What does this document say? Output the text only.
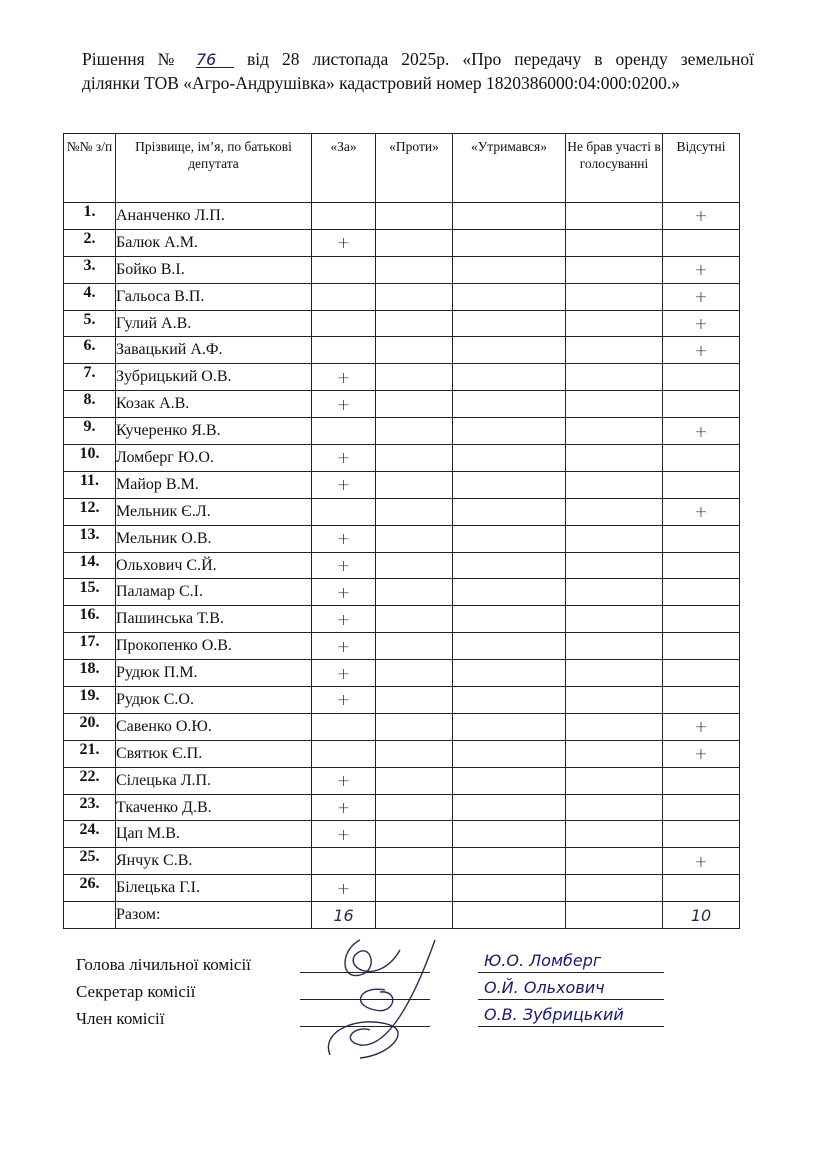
Рішення № 76 від 28 листопада 2025р. «Про передачу в оренду земельної
ділянки ТОВ «Агро-Андрушівка» кадастровий номер 1820386000:04:000:0200.»
№№ з/п	Прізвище, ім’я, по батькові депутата	«За»	«Проти»	«Утримався»	Не брав участі в голосуванні	Відсутні
1.	Ананченко Л.П.					+
2.	Балюк А.М.	+				
3.	Бойко В.І.					+
4.	Гальоса В.П.					+
5.	Гулий А.В.					+
6.	Завацький А.Ф.					+
7.	Зубрицький О.В.	+				
8.	Козак А.В.	+				
9.	Кучеренко Я.В.					+
10.	Ломберг Ю.О.	+				
11.	Майор В.М.	+				
12.	Мельник Є.Л.					+
13.	Мельник О.В.	+				
14.	Ольхович С.Й.	+				
15.	Паламар С.І.	+				
16.	Пашинська Т.В.	+				
17.	Прокопенко О.В.	+				
18.	Рудюк П.М.	+				
19.	Рудюк С.О.	+				
20.	Савенко О.Ю.					+
21.	Святюк Є.П.					+
22.	Сілецька Л.П.	+				
23.	Ткаченко Д.В.	+				
24.	Цап М.В.	+				
25.	Янчук С.В.					+
26.	Білецька Г.І.	+				
	Разом:	16				10
Голова лічильної комісії	Ю.О. Ломберг
Секретар комісії	О.Й. Ольхович
Член комісії	О.В. Зубрицький
